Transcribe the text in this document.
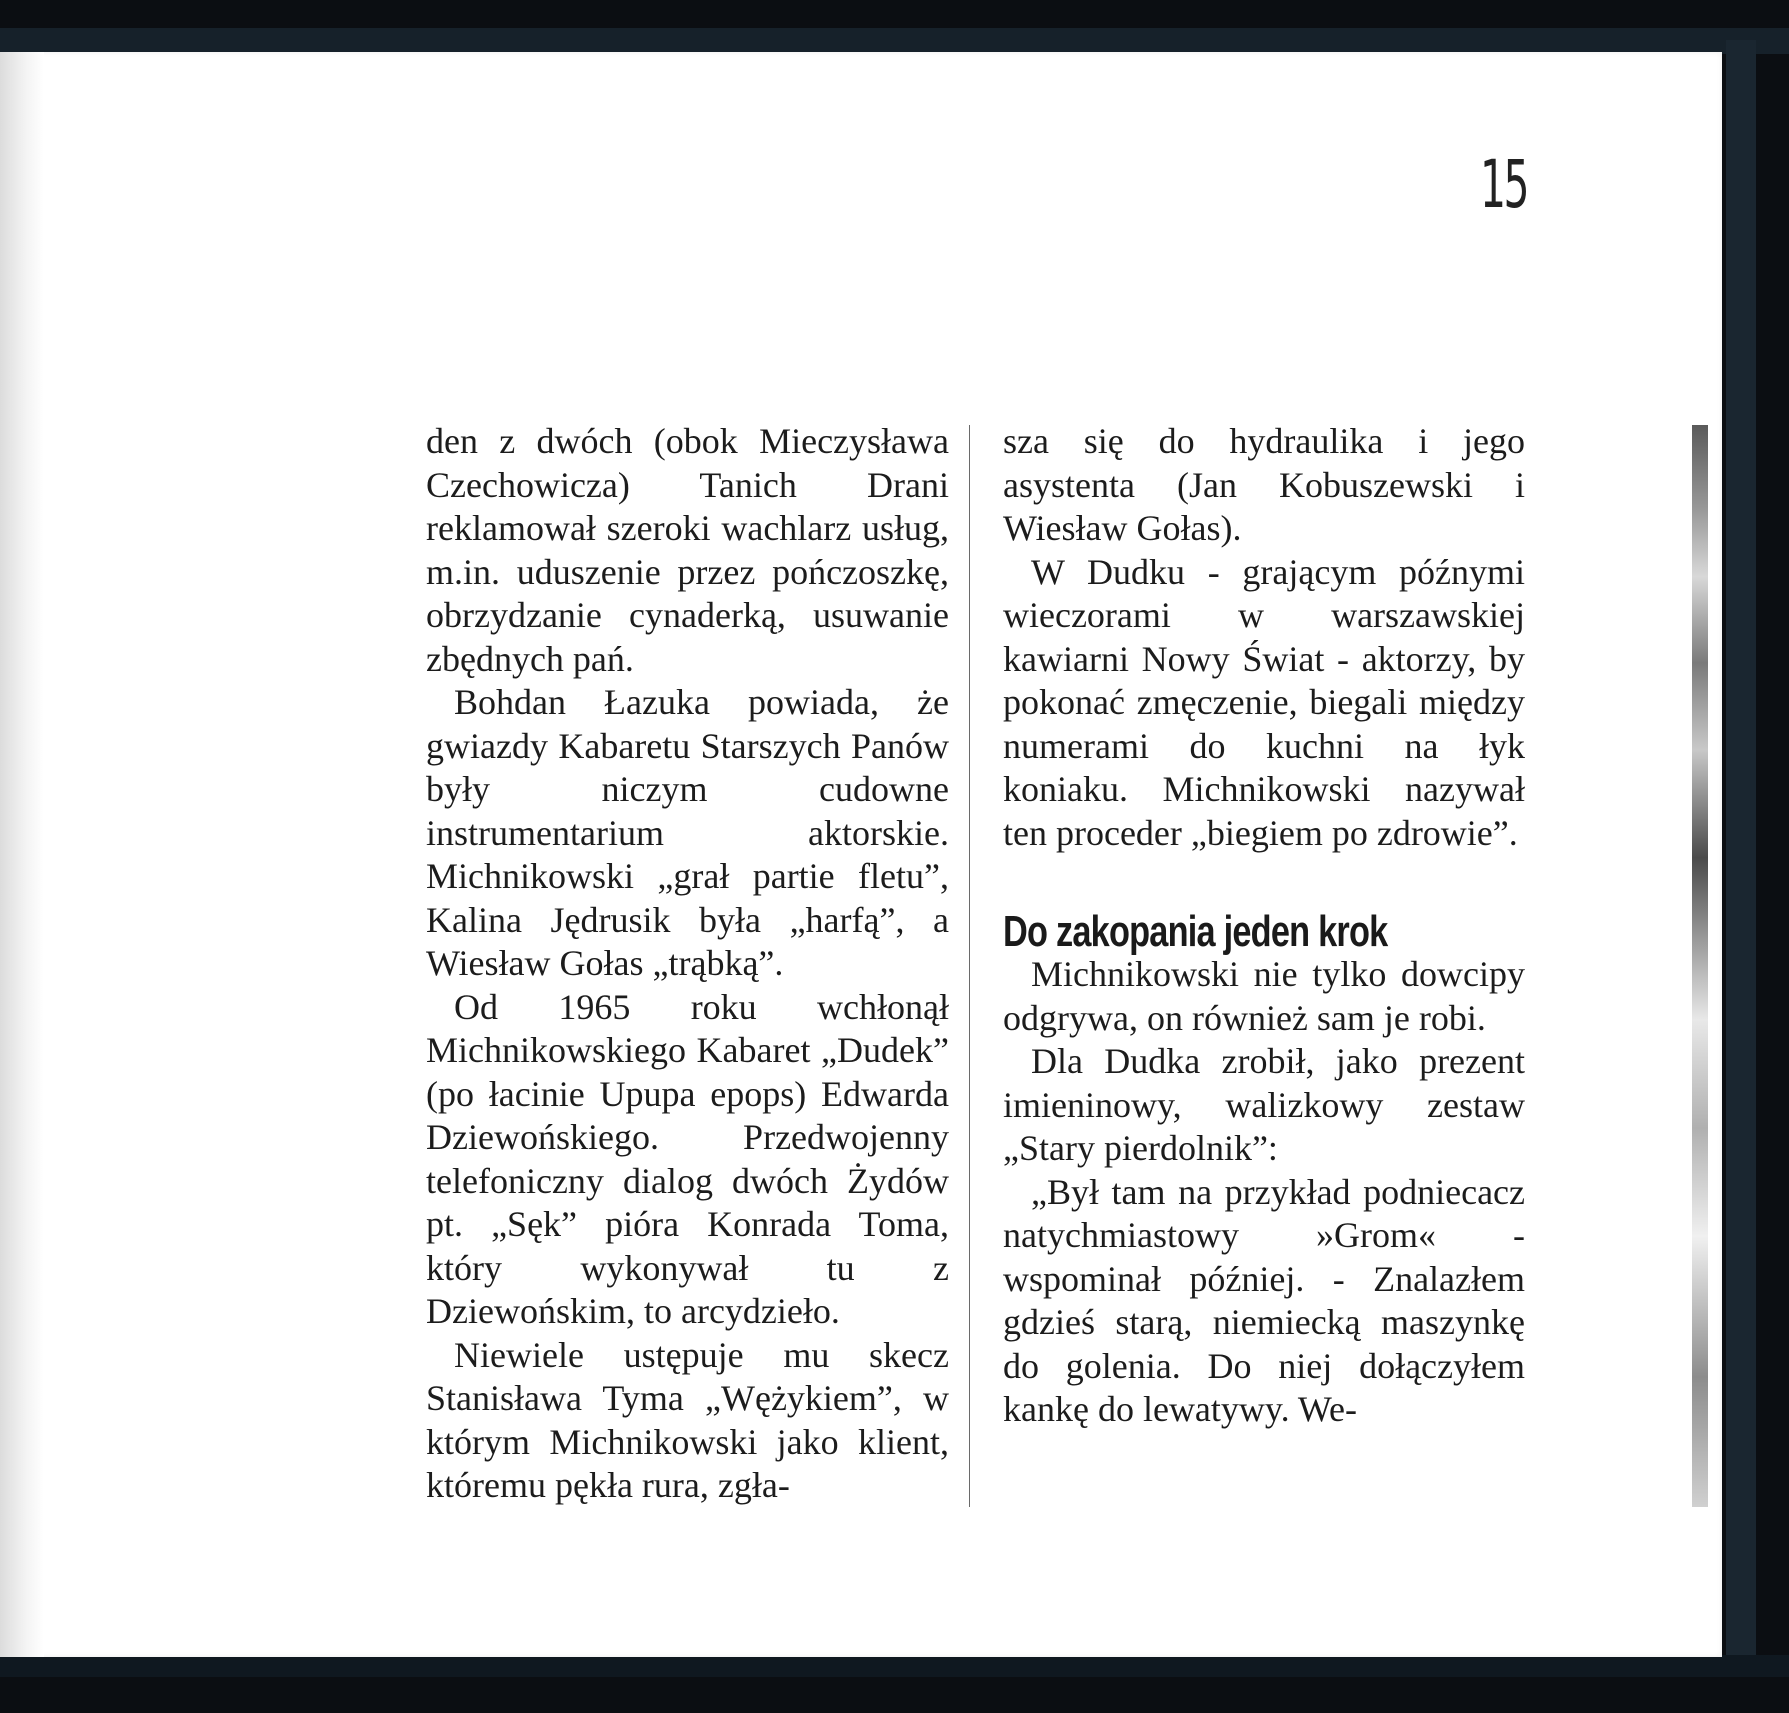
15

den z dwóch (obok Mieczysława Czechowicza) Tanich Drani reklamował szeroki wachlarz usług, m.in. uduszenie przez pończoszkę, obrzydzanie cynaderką, usuwanie zbędnych pań.

Bohdan Łazuka powiada, że gwiazdy Kabaretu Starszych Panów były niczym cudowne instrumentarium aktorskie. Michnikowski „grał partie fletu”, Kalina Jędrusik była „harfą”, a Wiesław Gołas „trąbką”.

Od 1965 roku wchłonął Michnikowskiego Kabaret „Dudek” (po łacinie Upupa epops) Edwarda Dziewońskiego. Przedwojenny telefoniczny dialog dwóch Żydów pt. „Sęk” pióra Konrada Toma, który wykonywał tu z Dziewońskim, to arcydzieło.

Niewiele ustępuje mu skecz Stanisława Tyma „Wężykiem”, w którym Michnikowski jako klient, któremu pękła rura, zgła-

sza się do hydraulika i jego asystenta (Jan Kobuszewski i Wiesław Gołas).

W Dudku - grającym późnymi wieczorami w warszawskiej kawiarni Nowy Świat - aktorzy, by pokonać zmęczenie, biegali między numerami do kuchni na łyk koniaku. Michnikowski nazywał ten proceder „biegiem po zdrowie”.

Do zakopania jeden krok

Michnikowski nie tylko dowcipy odgrywa, on również sam je robi.

Dla Dudka zrobił, jako prezent imieninowy, walizkowy zestaw „Stary pierdolnik”:

„Był tam na przykład podniecacz natychmiastowy »Grom« - wspominał później. - Znalazłem gdzieś starą, niemiecką maszynkę do golenia. Do niej dołączyłem kankę do lewatywy. We-
